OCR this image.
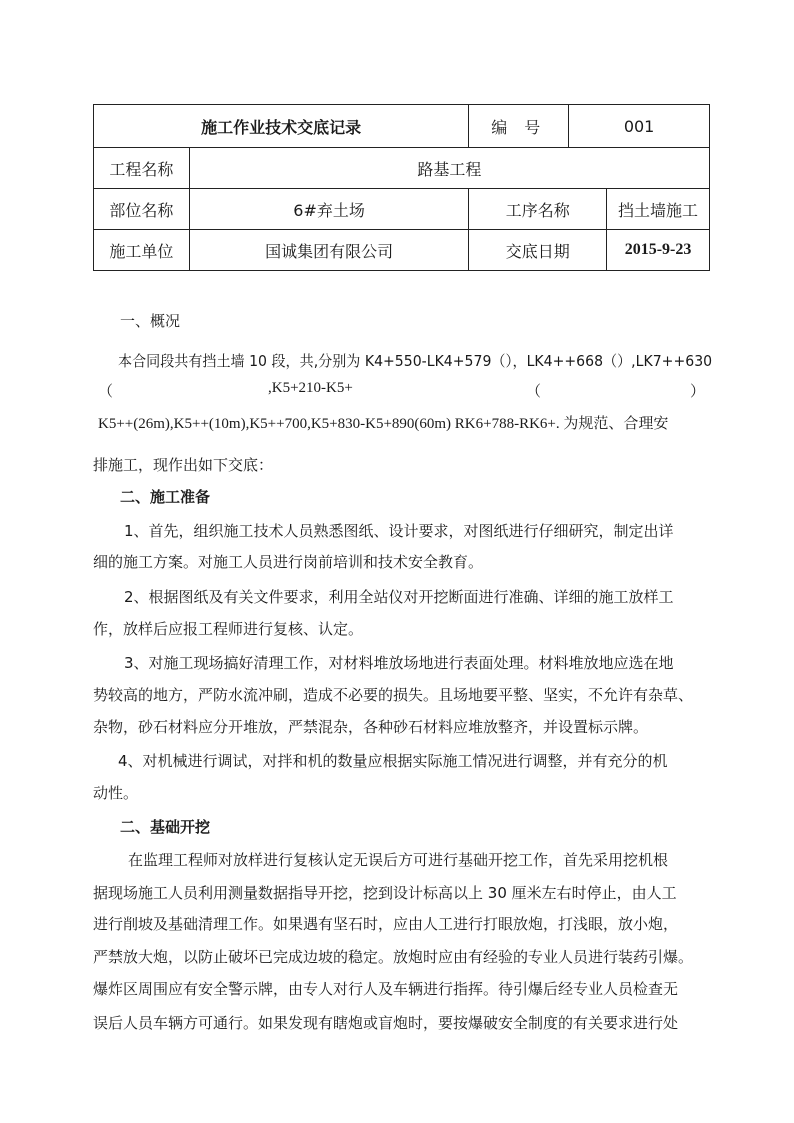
施工作业技术交底记录		编 号	001	
工程名称	路基工程			
部位名称	6#弃土场	工序名称		挡土墙施工
施工单位	国诚集团有限公司	交底日期		2015-9-23
一、概况
本合同段共有挡土墙 10 段，共,分别为 K4+550-LK4+579（），LK4++668（）,LK7++630
（	,K5+210-K5+	（	）
K5++(26m),K5++(10m),K5++700,K5+830-K5+890(60m) RK6+788-RK6+. 为规范、合理安
排施工，现作出如下交底：
二、施工准备
1、首先，组织施工技术人员熟悉图纸、设计要求，对图纸进行仔细研究，制定出详
细的施工方案。对施工人员进行岗前培训和技术安全教育。
2、根据图纸及有关文件要求，利用全站仪对开挖断面进行准确、详细的施工放样工
作，放样后应报工程师进行复核、认定。
3、对施工现场搞好清理工作，对材料堆放场地进行表面处理。材料堆放地应选在地
势较高的地方，严防水流冲刷，造成不必要的损失。且场地要平整、坚实，不允许有杂草、
杂物，砂石材料应分开堆放，严禁混杂，各种砂石材料应堆放整齐，并设置标示牌。
4、对机械进行调试，对拌和机的数量应根据实际施工情况进行调整，并有充分的机
动性。
二、基础开挖
在监理工程师对放样进行复核认定无误后方可进行基础开挖工作，首先采用挖机根
据现场施工人员利用测量数据指导开挖，挖到设计标高以上 30 厘米左右时停止，由人工
进行削坡及基础清理工作。如果遇有坚石时，应由人工进行打眼放炮，打浅眼，放小炮，
严禁放大炮，以防止破坏已完成边坡的稳定。放炮时应由有经验的专业人员进行装药引爆。
爆炸区周围应有安全警示牌，由专人对行人及车辆进行指挥。待引爆后经专业人员检查无
误后人员车辆方可通行。如果发现有瞎炮或盲炮时，要按爆破安全制度的有关要求进行处
